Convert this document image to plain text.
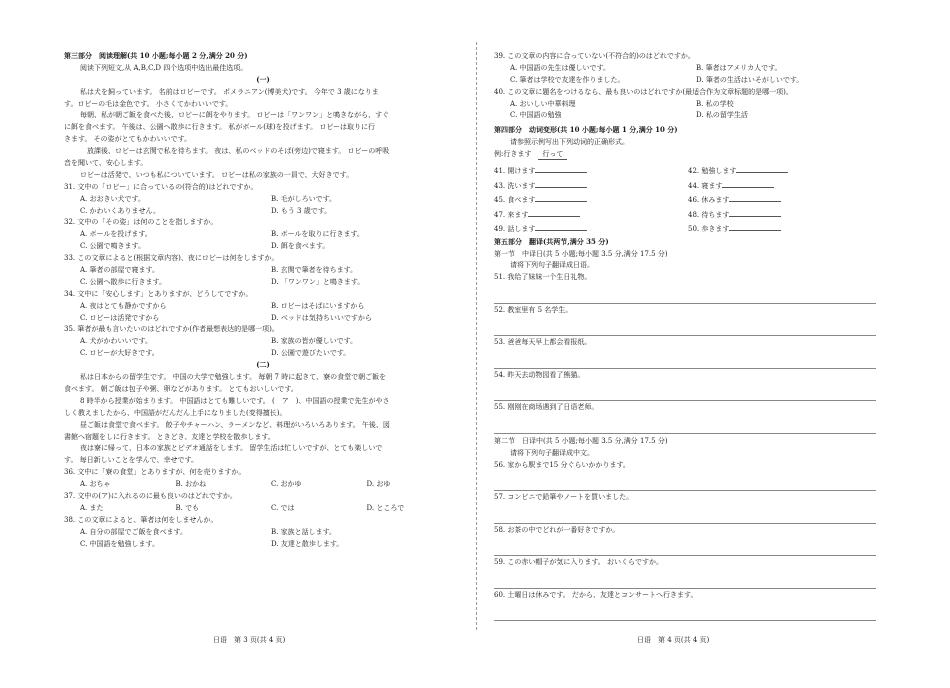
第三部分　阅读理解(共 10 小题;每小题 2 分,满分 20 分)
阅读下列短文,从 A,B,C,D 四个选项中选出最佳选项。
(一)
私は犬を飼っています。 名前はロビーです。 ポメラニアン(博美犬)です。 今年で 3 歳になりま
す。ロビーの毛は金色です。 小さくてかわいいです。
毎朝、私が朝ご飯を食べた後、ロビーに餌をやります。 ロビーは「ワンワン」と鳴きながら、すぐ
に餌を食べます。 午後は、公園へ散歩に行きます。 私がボール(球)を投げます。 ロビーは取りに行
きます。 その姿がとてもかわいいです。
　放課後、ロビーは玄関で私を待ちます。 夜は、私のベッドのそば(旁边)で寝ます。 ロビーの呼吸
音を聞いて、安心します。
ロビーは活発で、いつも私についています。 ロビーは私の家族の一員で、大好きです。
31. 文中の「ロビー」に合っているの(符合的)はどれですか。
A. おおきい犬です。	B. 毛がしろいです。
C. かわいくありません。	D. もう 3 歳です。
32. 文中の「その姿」は何のことを指しますか。
A. ボールを投げます。	B. ボールを取りに行きます。
C. 公園で鳴きます。	D. 餌を食べます。
33. この文章によると(根据文章内容)、夜にロビーは何をしますか。
A. 筆者の部屋で寝ます。	B. 玄関で筆者を待ちます。
C. 公園へ散歩に行きます。	D. 「ワンワン」と鳴きます。
34. 文中に「安心します」とありますが、どうしてですか。
A. 夜はとても静かですから	B. ロビーはそばにいますから
C. ロビーは活発ですから	D. ベッドは気持ちいいですから
35. 筆者が最も言いたいのはどれですか(作者最想表达的是哪一项)。
A. 犬がかわいいです。	B. 家族の皆が優しいです。
C. ロビーが大好きです。	D. 公園で遊びたいです。
(二)
私は日本からの留学生です。 中国の大学で勉強します。 毎朝 7 時に起きて、寮の食堂で朝ご飯を
食べます。 朝ご飯は包子や粥、卵などがあります。 とてもおいしいです。
8 時半から授業が始まります。 中国語はとても難しいです。 (　ア　)、中国語の授業で先生がやさ
しく教えましたから、中国語がだんだん上手になりました(变得擅长)。
昼ご飯は食堂で食べます。 餃子やチャーハン、ラーメンなど、料理がいろいろあります。 午後、図
書館へ宿題をしに行きます。 ときどき、友達と学校を散歩します。
夜は寮に帰って、日本の家族とビデオ通話をします。 留学生活は忙しいですが、とても楽しいで
す。 毎日新しいことを学んで、幸せです。
36. 文中に「寮の食堂」とありますが、何を売りますか。
A. おちゃ	B. おかね	C. おかゆ	D. おゆ
37. 文中の(ア)に入れるのに最も良いのはどれですか。
A. また	B. でも	C. では	D. ところで
38. この文章によると、筆者は何をしませんか。
A. 自分の部屋でご飯を食べます。	B. 家族と話します。
C. 中国語を勉強します。	D. 友達と散歩します。
39. この文章の内容に合っていない(不符合的)のはどれですか。
A. 中国語の先生は優しいです。	B. 筆者はアメリカ人です。
C. 筆者は学校で友達を作りました。	D. 筆者の生活はいそがしいです。
40. この文章に題名をつけるなら、最も良いのはどれですか(最适合作为文章标题的是哪一项)。
A. おいしい中華料理	B. 私の学校
C. 中国語の勉強	D. 私の留学生活
第四部分　动词变形(共 10 小题;每小题 1 分,满分 10 分)
请参照示例写出下列动词的正确形式。
例:行きます　 行って
41. 開けます	42. 勉強します
43. 洗います	44. 寝ます
45. 食べます	46. 休みます
47. 来ます	48. 待ちます
49. 話します	50. 歩きます
第五部分　翻译(共两节,满分 35 分)
第一节　中译日(共 5 小题;每小题 3.5 分,满分 17.5 分)
请将下列句子翻译成日语。
51. 我给了妹妹一个生日礼物。
52. 教室里有 5 名学生。
53. 爸爸每天早上都会看报纸。
54. 昨天去动物园看了熊猫。
55. 刚刚在商场遇到了日语老师。
第二节　日译中(共 5 小题;每小题 3.5 分,满分 17.5 分)
请将下列句子翻译成中文。
56. 家から駅まで15 分ぐらいかかります。
57. コンビニで鉛筆やノートを買いました。
58. お茶の中でどれが一番好きですか。
59. この赤い帽子が気に入ります。 おいくらですか。
60. 土曜日は休みです。 だから、友達とコンサートへ行きます。
日语　第 3 页(共 4 页)	日语　第 4 页(共 4 页)
